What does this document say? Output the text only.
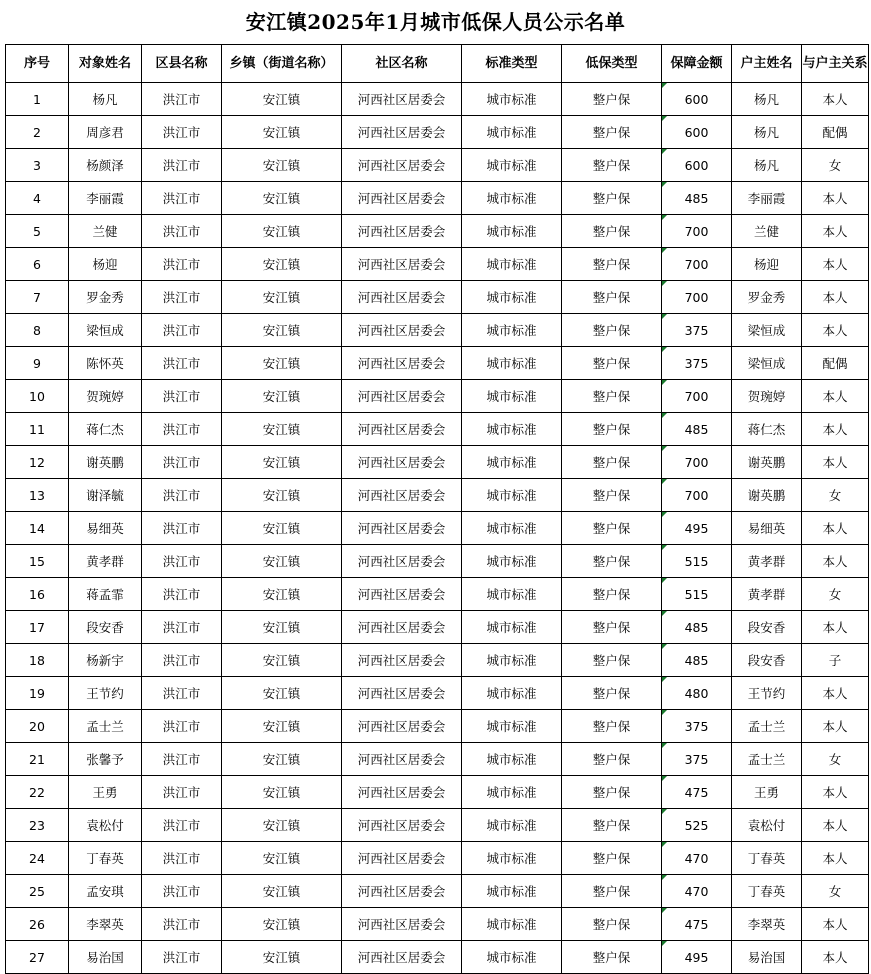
安江镇2025年1月城市低保人员公示名单
序号	对象姓名	区县名称	乡镇（街道名称）	社区名称	标准类型	低保类型	保障金额	户主姓名	与户主关系
1	杨凡	洪江市	安江镇	河西社区居委会	城市标准	整户保	600	杨凡	本人
2	周彦君	洪江市	安江镇	河西社区居委会	城市标准	整户保	600	杨凡	配偶
3	杨颜泽	洪江市	安江镇	河西社区居委会	城市标准	整户保	600	杨凡	女
4	李丽霞	洪江市	安江镇	河西社区居委会	城市标准	整户保	485	李丽霞	本人
5	兰健	洪江市	安江镇	河西社区居委会	城市标准	整户保	700	兰健	本人
6	杨迎	洪江市	安江镇	河西社区居委会	城市标准	整户保	700	杨迎	本人
7	罗金秀	洪江市	安江镇	河西社区居委会	城市标准	整户保	700	罗金秀	本人
8	梁恒成	洪江市	安江镇	河西社区居委会	城市标准	整户保	375	梁恒成	本人
9	陈怀英	洪江市	安江镇	河西社区居委会	城市标准	整户保	375	梁恒成	配偶
10	贺琬婷	洪江市	安江镇	河西社区居委会	城市标准	整户保	700	贺琬婷	本人
11	蒋仁杰	洪江市	安江镇	河西社区居委会	城市标准	整户保	485	蒋仁杰	本人
12	谢英鹏	洪江市	安江镇	河西社区居委会	城市标准	整户保	700	谢英鹏	本人
13	谢泽毓	洪江市	安江镇	河西社区居委会	城市标准	整户保	700	谢英鹏	女
14	易细英	洪江市	安江镇	河西社区居委会	城市标准	整户保	495	易细英	本人
15	黄孝群	洪江市	安江镇	河西社区居委会	城市标准	整户保	515	黄孝群	本人
16	蒋孟霏	洪江市	安江镇	河西社区居委会	城市标准	整户保	515	黄孝群	女
17	段安香	洪江市	安江镇	河西社区居委会	城市标准	整户保	485	段安香	本人
18	杨新宇	洪江市	安江镇	河西社区居委会	城市标准	整户保	485	段安香	子
19	王节约	洪江市	安江镇	河西社区居委会	城市标准	整户保	480	王节约	本人
20	孟士兰	洪江市	安江镇	河西社区居委会	城市标准	整户保	375	孟士兰	本人
21	张馨予	洪江市	安江镇	河西社区居委会	城市标准	整户保	375	孟士兰	女
22	王勇	洪江市	安江镇	河西社区居委会	城市标准	整户保	475	王勇	本人
23	袁松付	洪江市	安江镇	河西社区居委会	城市标准	整户保	525	袁松付	本人
24	丁春英	洪江市	安江镇	河西社区居委会	城市标准	整户保	470	丁春英	本人
25	孟安琪	洪江市	安江镇	河西社区居委会	城市标准	整户保	470	丁春英	女
26	李翠英	洪江市	安江镇	河西社区居委会	城市标准	整户保	475	李翠英	本人
27	易治国	洪江市	安江镇	河西社区居委会	城市标准	整户保	495	易治国	本人
